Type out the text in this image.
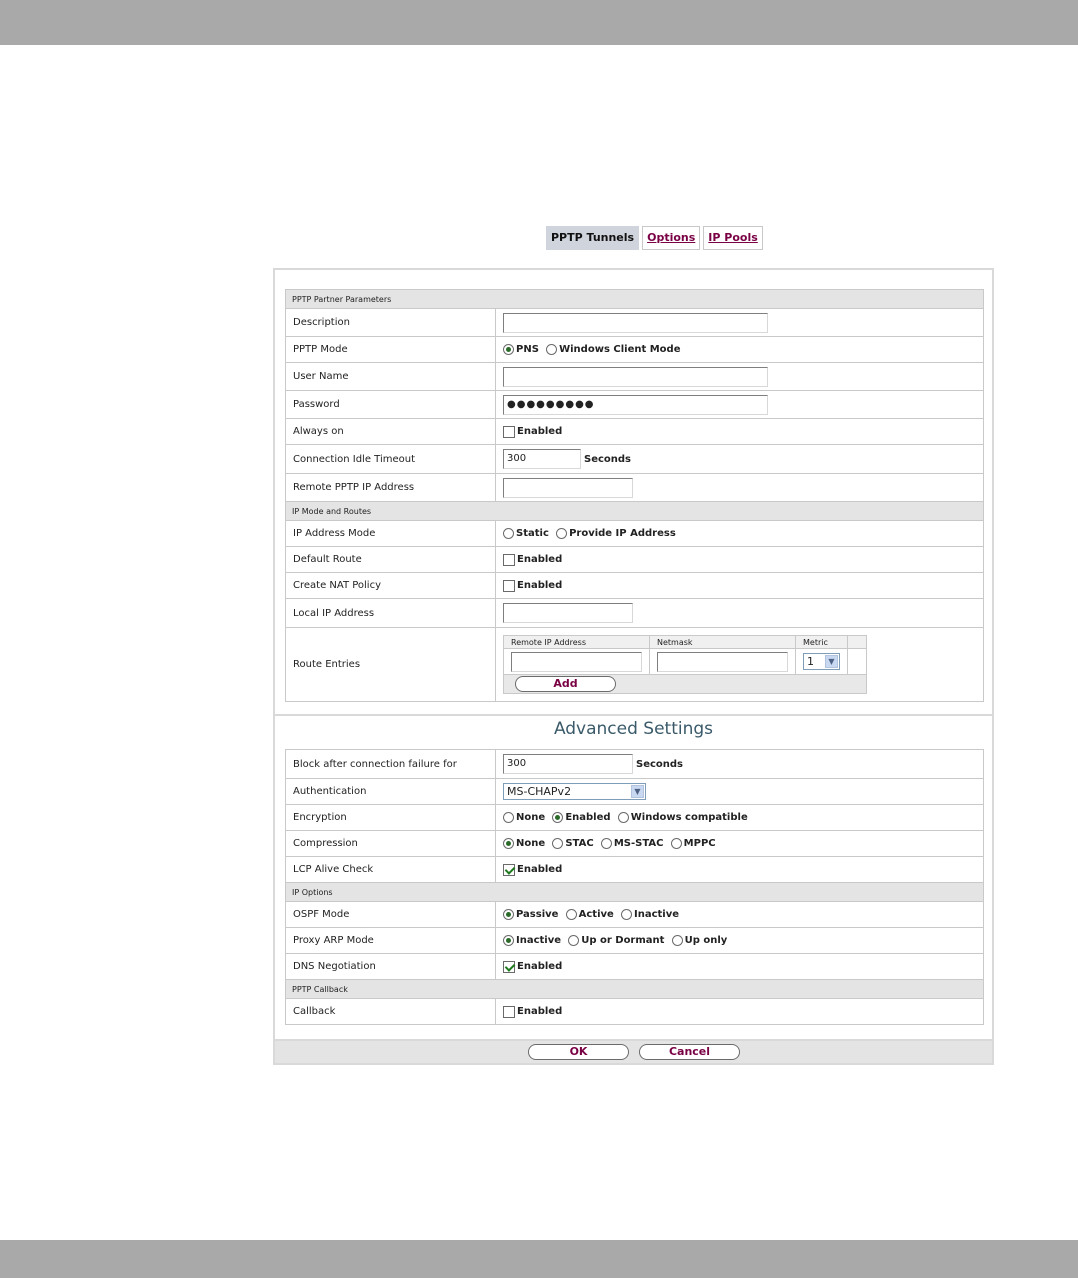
PPTP Tunnels	Options	IP Pools
PPTP Partner Parameters
Description	
PPTP Mode	PNS Windows Client Mode
User Name	
Password	●●●●●●●●●
Always on	Enabled
Connection Idle Timeout	300	Seconds
Remote PPTP IP Address	
IP Mode and Routes
IP Address Mode	Static Provide IP Address
Default Route	Enabled
Create NAT Policy	Enabled
Local IP Address	
Route Entries	
Remote IP Address	Netmask	Metric	
		1	▼

Add
Advanced Settings
Block after connection failure for	300 Seconds
Authentication	MS-CHAPv2 ▼

Encryption	None Enabled Windows compatible
Compression	None STAC MS-STAC MPPC
LCP Alive Check	Enabled
IP Options	
OSPF Mode	Passive Active Inactive
Proxy ARP Mode	Inactive Up or Dormant Up only
DNS Negotiation	Enabled
PPTP Callback	
Callback	Enabled
OK	Cancel
